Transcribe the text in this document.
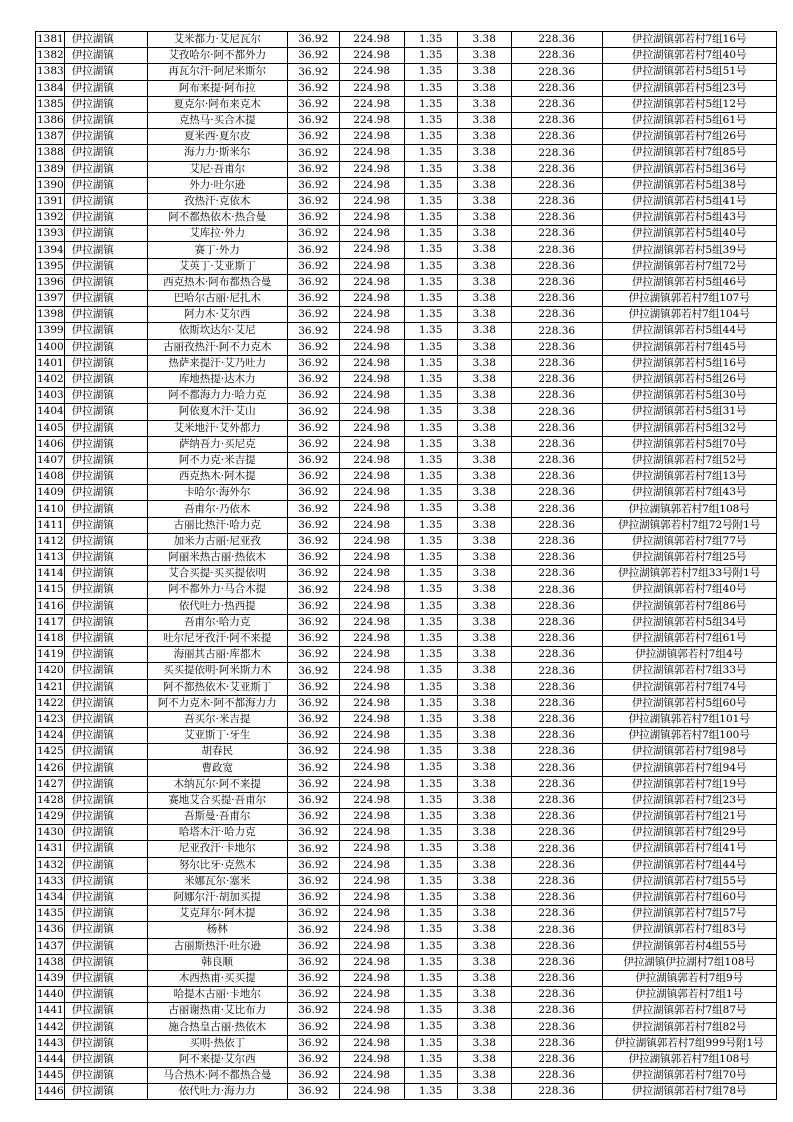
1381	伊拉湖镇	艾米都力·艾尼瓦尔	36.92	224.98	1.35	3.38	228.36	伊拉湖镇郭若村7组16号
1382	伊拉湖镇	艾孜哈尔·阿不都外力	36.92	224.98	1.35	3.38	228.36	伊拉湖镇郭若村7组40号
1383	伊拉湖镇	再瓦尔汗·阿尼米斯尔	36.92	224.98	1.35	3.38	228.36	伊拉湖镇郭若村5组51号
1384	伊拉湖镇	阿布来提·阿布拉	36.92	224.98	1.35	3.38	228.36	伊拉湖镇郭若村5组23号
1385	伊拉湖镇	夏克尔·阿布来克木	36.92	224.98	1.35	3.38	228.36	伊拉湖镇郭若村5组12号
1386	伊拉湖镇	克热马·买合木提	36.92	224.98	1.35	3.38	228.36	伊拉湖镇郭若村5组61号
1387	伊拉湖镇	夏米西·夏尔皮	36.92	224.98	1.35	3.38	228.36	伊拉湖镇郭若村7组26号
1388	伊拉湖镇	海力力·斯米尔	36.92	224.98	1.35	3.38	228.36	伊拉湖镇郭若村7组85号
1389	伊拉湖镇	艾尼·吾甫尔	36.92	224.98	1.35	3.38	228.36	伊拉湖镇郭若村5组36号
1390	伊拉湖镇	外力·吐尔逊	36.92	224.98	1.35	3.38	228.36	伊拉湖镇郭若村5组38号
1391	伊拉湖镇	孜热汗·克依木	36.92	224.98	1.35	3.38	228.36	伊拉湖镇郭若村5组41号
1392	伊拉湖镇	阿不都热依木·热合曼	36.92	224.98	1.35	3.38	228.36	伊拉湖镇郭若村5组43号
1393	伊拉湖镇	艾库拉·外力	36.92	224.98	1.35	3.38	228.36	伊拉湖镇郭若村5组40号
1394	伊拉湖镇	赛丁·外力	36.92	224.98	1.35	3.38	228.36	伊拉湖镇郭若村5组39号
1395	伊拉湖镇	艾英丁·艾亚斯丁	36.92	224.98	1.35	3.38	228.36	伊拉湖镇郭若村7组72号
1396	伊拉湖镇	西克热木·阿布都热合曼	36.92	224.98	1.35	3.38	228.36	伊拉湖镇郭若村5组46号
1397	伊拉湖镇	巴哈尔古丽·尼扎木	36.92	224.98	1.35	3.38	228.36	伊拉湖镇郭若村7组107号
1398	伊拉湖镇	阿力木·艾尔西	36.92	224.98	1.35	3.38	228.36	伊拉湖镇郭若村7组104号
1399	伊拉湖镇	依斯坎达尔·艾尼	36.92	224.98	1.35	3.38	228.36	伊拉湖镇郭若村5组44号
1400	伊拉湖镇	古丽孜热汗·阿不力克木	36.92	224.98	1.35	3.38	228.36	伊拉湖镇郭若村7组45号
1401	伊拉湖镇	热萨来提汗·艾乃吐力	36.92	224.98	1.35	3.38	228.36	伊拉湖镇郭若村5组16号
1402	伊拉湖镇	库地热提·达木力	36.92	224.98	1.35	3.38	228.36	伊拉湖镇郭若村5组26号
1403	伊拉湖镇	阿不都海力力·哈力克	36.92	224.98	1.35	3.38	228.36	伊拉湖镇郭若村5组30号
1404	伊拉湖镇	阿依夏木汗·艾山	36.92	224.98	1.35	3.38	228.36	伊拉湖镇郭若村5组31号
1405	伊拉湖镇	艾米地汗·艾外都力	36.92	224.98	1.35	3.38	228.36	伊拉湖镇郭若村5组32号
1406	伊拉湖镇	萨纳吾力·买尼克	36.92	224.98	1.35	3.38	228.36	伊拉湖镇郭若村5组70号
1407	伊拉湖镇	阿不力克·米吉提	36.92	224.98	1.35	3.38	228.36	伊拉湖镇郭若村7组52号
1408	伊拉湖镇	西克热木·阿木提	36.92	224.98	1.35	3.38	228.36	伊拉湖镇郭若村7组13号
1409	伊拉湖镇	卡哈尔·海外尔	36.92	224.98	1.35	3.38	228.36	伊拉湖镇郭若村7组43号
1410	伊拉湖镇	吾甫尔·乃依木	36.92	224.98	1.35	3.38	228.36	伊拉湖镇郭若村7组108号
1411	伊拉湖镇	古丽比热汗·哈力克	36.92	224.98	1.35	3.38	228.36	伊拉湖镇郭若村7组72号附1号
1412	伊拉湖镇	加米力古丽·尼亚孜	36.92	224.98	1.35	3.38	228.36	伊拉湖镇郭若村7组77号
1413	伊拉湖镇	阿丽米热古丽·热依木	36.92	224.98	1.35	3.38	228.36	伊拉湖镇郭若村7组25号
1414	伊拉湖镇	艾合买提·买买提依明	36.92	224.98	1.35	3.38	228.36	伊拉湖镇郭若村7组33号附1号
1415	伊拉湖镇	阿不都外力·马合木提	36.92	224.98	1.35	3.38	228.36	伊拉湖镇郭若村7组40号
1416	伊拉湖镇	依代吐力·热西提	36.92	224.98	1.35	3.38	228.36	伊拉湖镇郭若村7组86号
1417	伊拉湖镇	吾甫尔·哈力克	36.92	224.98	1.35	3.38	228.36	伊拉湖镇郭若村5组34号
1418	伊拉湖镇	吐尔尼牙孜汗·阿不来提	36.92	224.98	1.35	3.38	228.36	伊拉湖镇郭若村7组61号
1419	伊拉湖镇	海丽其古丽·库都木	36.92	224.98	1.35	3.38	228.36	伊拉湖镇郭若村7组4号
1420	伊拉湖镇	买买提依明·阿米斯力木	36.92	224.98	1.35	3.38	228.36	伊拉湖镇郭若村7组33号
1421	伊拉湖镇	阿不都热依木·艾亚斯丁	36.92	224.98	1.35	3.38	228.36	伊拉湖镇郭若村7组74号
1422	伊拉湖镇	阿不力克木·阿不都海力力	36.92	224.98	1.35	3.38	228.36	伊拉湖镇郭若村5组60号
1423	伊拉湖镇	吾买尔·米吉提	36.92	224.98	1.35	3.38	228.36	伊拉湖镇郭若村7组101号
1424	伊拉湖镇	艾亚斯丁·牙生	36.92	224.98	1.35	3.38	228.36	伊拉湖镇郭若村7组100号
1425	伊拉湖镇	胡春民	36.92	224.98	1.35	3.38	228.36	伊拉湖镇郭若村7组98号
1426	伊拉湖镇	曹政宽	36.92	224.98	1.35	3.38	228.36	伊拉湖镇郭若村7组94号
1427	伊拉湖镇	木纳瓦尔·阿不来提	36.92	224.98	1.35	3.38	228.36	伊拉湖镇郭若村7组19号
1428	伊拉湖镇	赛地艾合买提·吾甫尔	36.92	224.98	1.35	3.38	228.36	伊拉湖镇郭若村7组23号
1429	伊拉湖镇	吾斯曼·吾甫尔	36.92	224.98	1.35	3.38	228.36	伊拉湖镇郭若村7组21号
1430	伊拉湖镇	哈塔木汗·哈力克	36.92	224.98	1.35	3.38	228.36	伊拉湖镇郭若村7组29号
1431	伊拉湖镇	尼亚孜汗·卡地尔	36.92	224.98	1.35	3.38	228.36	伊拉湖镇郭若村7组41号
1432	伊拉湖镇	努尔比牙·克然木	36.92	224.98	1.35	3.38	228.36	伊拉湖镇郭若村7组44号
1433	伊拉湖镇	米娜瓦尔·塞米	36.92	224.98	1.35	3.38	228.36	伊拉湖镇郭若村7组55号
1434	伊拉湖镇	阿娜尔汗·胡加买提	36.92	224.98	1.35	3.38	228.36	伊拉湖镇郭若村7组60号
1435	伊拉湖镇	艾克拜尔·阿木提	36.92	224.98	1.35	3.38	228.36	伊拉湖镇郭若村7组57号
1436	伊拉湖镇	杨林	36.92	224.98	1.35	3.38	228.36	伊拉湖镇郭若村7组83号
1437	伊拉湖镇	古丽斯热汗·吐尔逊	36.92	224.98	1.35	3.38	228.36	伊拉湖镇郭若村4组55号
1438	伊拉湖镇	韩良顺	36.92	224.98	1.35	3.38	228.36	伊拉湖镇伊拉湖村7组108号
1439	伊拉湖镇	木西热甫·买买提	36.92	224.98	1.35	3.38	228.36	伊拉湖镇郭若村7组9号
1440	伊拉湖镇	哈提木古丽·卡地尔	36.92	224.98	1.35	3.38	228.36	伊拉湖镇郭若村7组1号
1441	伊拉湖镇	古丽谢热甫·艾比布力	36.92	224.98	1.35	3.38	228.36	伊拉湖镇郭若村7组87号
1442	伊拉湖镇	施合热皇古丽·热依木	36.92	224.98	1.35	3.38	228.36	伊拉湖镇郭若村7组82号
1443	伊拉湖镇	买明·热依丁	36.92	224.98	1.35	3.38	228.36	伊拉湖镇郭若村7组999号附1号
1444	伊拉湖镇	阿不来提·艾尔西	36.92	224.98	1.35	3.38	228.36	伊拉湖镇郭若村7组108号
1445	伊拉湖镇	马合热木·阿不都热合曼	36.92	224.98	1.35	3.38	228.36	伊拉湖镇郭若村7组70号
1446	伊拉湖镇	依代吐力·海力力	36.92	224.98	1.35	3.38	228.36	伊拉湖镇郭若村7组78号
